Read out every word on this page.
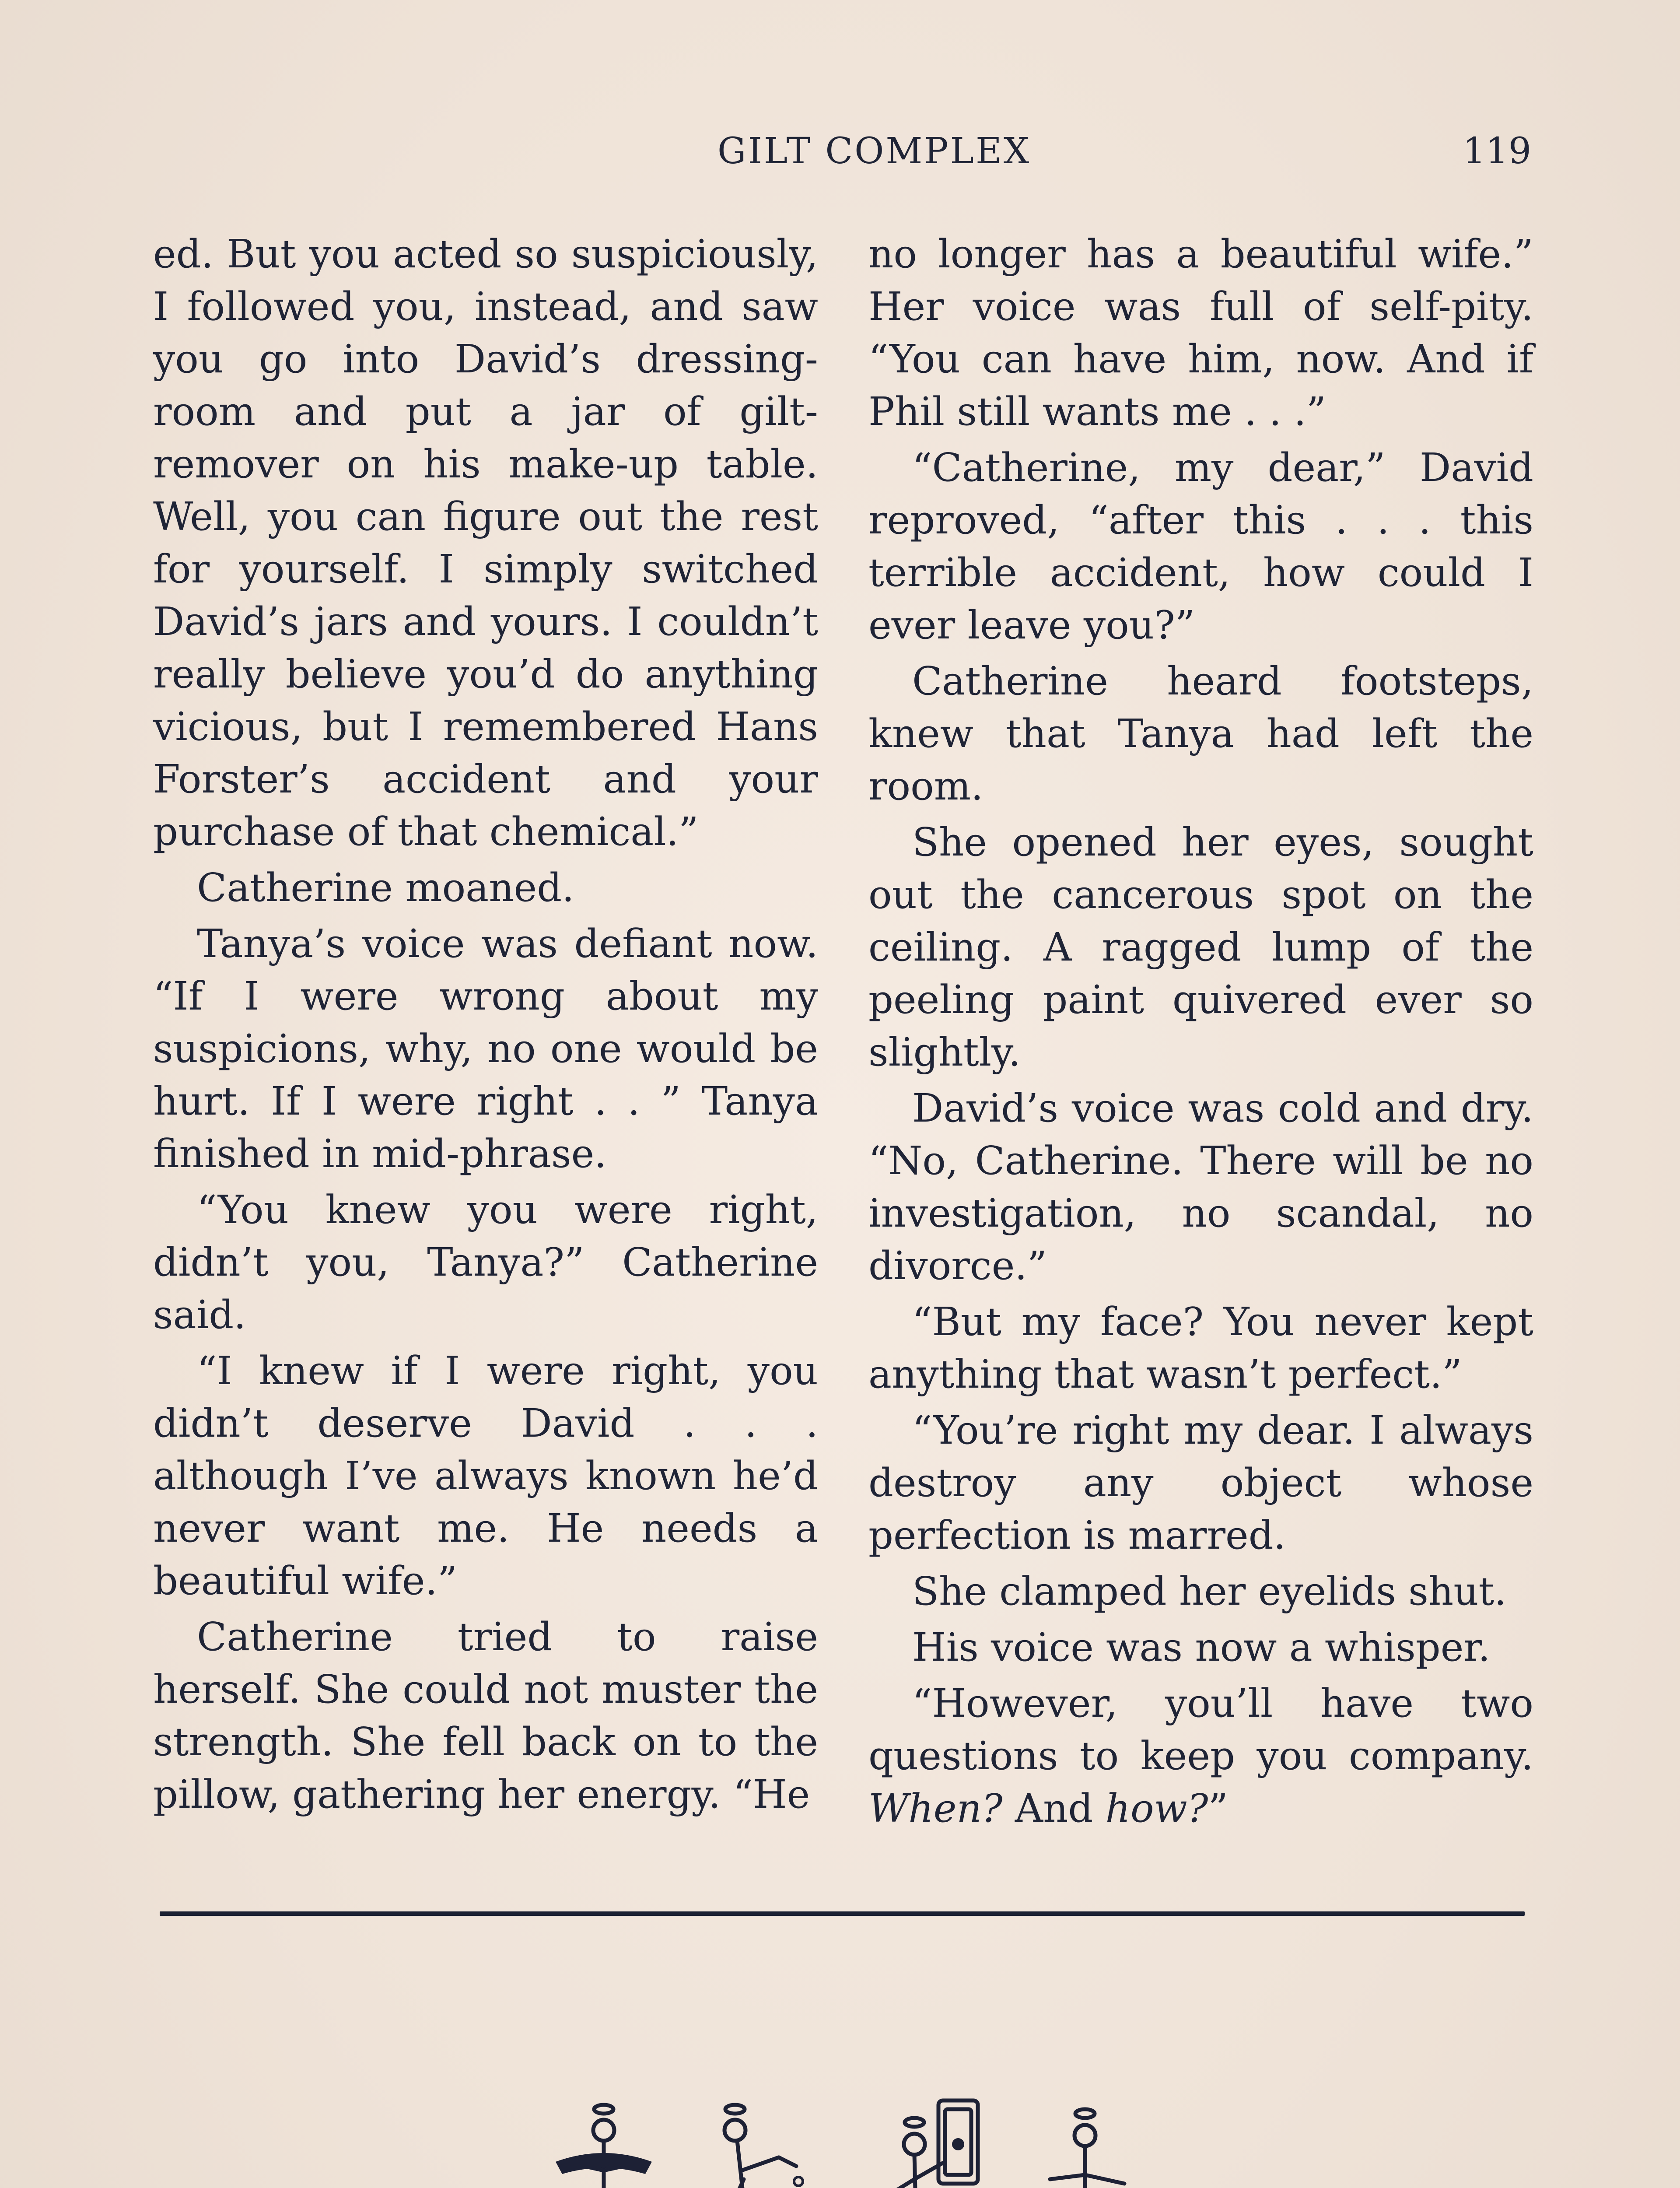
GILT COMPLEX	119

ed. But you acted so suspiciously, I followed you, instead, and saw you go into David’s dressing-room and put a jar of gilt-remover on his make-up table. Well, you can figure out the rest for yourself. I simply switched David’s jars and yours. I couldn’t really believe you’d do anything vicious, but I remembered Hans Forster’s accident and your purchase of that chemical.”

Catherine moaned.

Tanya’s voice was defiant now. “If I were wrong about my suspicions, why, no one would be hurt. If I were right . . ” Tanya finished in mid-phrase.

“You knew you were right, didn’t you, Tanya?” Catherine said.

“I knew if I were right, you didn’t deserve David . . . although I’ve always known he’d never want me. He needs a beautiful wife.”

Catherine tried to raise herself. She could not muster the strength. She fell back on to the pillow, gathering her energy. “He

no longer has a beautiful wife.” Her voice was full of self-pity. “You can have him, now. And if Phil still wants me . . .”

“Catherine, my dear,” David reproved, “after this . . . this terrible accident, how could I ever leave you?”

Catherine heard footsteps, knew that Tanya had left the room.

She opened her eyes, sought out the cancerous spot on the ceiling. A ragged lump of the peeling paint quivered ever so slightly.

David’s voice was cold and dry. “No, Catherine. There will be no investigation, no scandal, no divorce.”

“But my face? You never kept anything that wasn’t perfect.”

“You’re right my dear. I always destroy any object whose perfection is marred.

She clamped her eyelids shut.

His voice was now a whisper.

“However, you’ll have two questions to keep you company. When? And how?”
